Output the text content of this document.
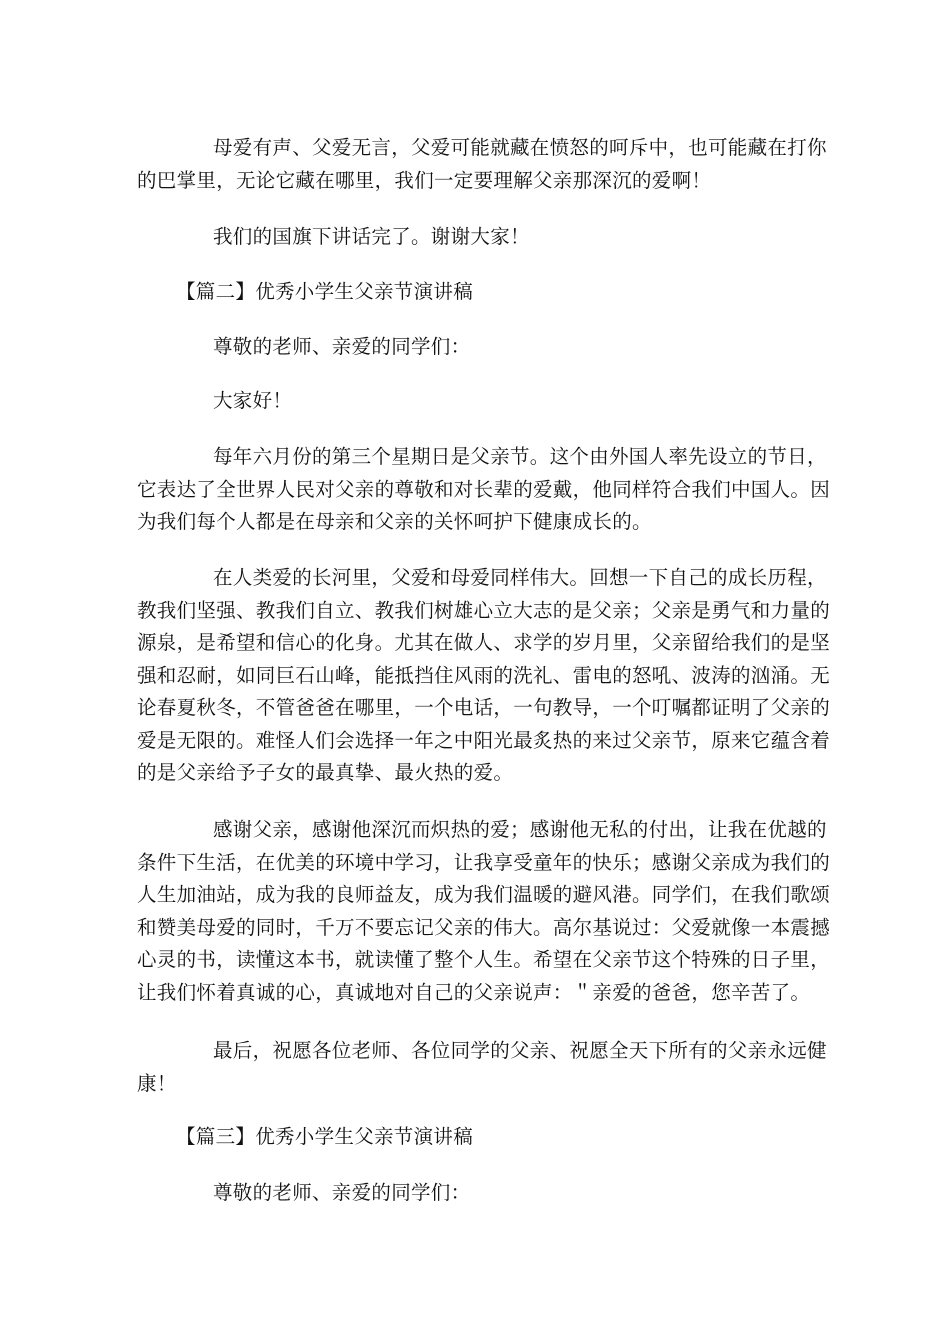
母爱有声、父爱无言，父爱可能就藏在愤怒的呵斥中，也可能藏在打你
的巴掌里，无论它藏在哪里，我们一定要理解父亲那深沉的爱啊！
我们的国旗下讲话完了。谢谢大家！
【篇二】优秀小学生父亲节演讲稿
尊敬的老师、亲爱的同学们：
大家好！
每年六月份的第三个星期日是父亲节。这个由外国人率先设立的节日，
它表达了全世界人民对父亲的尊敬和对长辈的爱戴，他同样符合我们中国人。因
为我们每个人都是在母亲和父亲的关怀呵护下健康成长的。
在人类爱的长河里，父爱和母爱同样伟大。回想一下自己的成长历程，
教我们坚强、教我们自立、教我们树雄心立大志的是父亲；父亲是勇气和力量的
源泉，是希望和信心的化身。尤其在做人、求学的岁月里，父亲留给我们的是坚
强和忍耐，如同巨石山峰，能抵挡住风雨的洗礼、雷电的怒吼、波涛的汹涌。无
论春夏秋冬，不管爸爸在哪里，一个电话，一句教导，一个叮嘱都证明了父亲的
爱是无限的。难怪人们会选择一年之中阳光最炙热的来过父亲节，原来它蕴含着
的是父亲给予子女的最真挚、最火热的爱。
感谢父亲，感谢他深沉而炽热的爱；感谢他无私的付出，让我在优越的
条件下生活，在优美的环境中学习，让我享受童年的快乐；感谢父亲成为我们的
人生加油站，成为我的良师益友，成为我们温暖的避风港。同学们，在我们歌颂
和赞美母爱的同时，千万不要忘记父亲的伟大。高尔基说过：父爱就像一本震撼
心灵的书，读懂这本书，就读懂了整个人生。希望在父亲节这个特殊的日子里，
让我们怀着真诚的心，真诚地对自己的父亲说声：＂亲爱的爸爸，您辛苦了。
最后，祝愿各位老师、各位同学的父亲、祝愿全天下所有的父亲永远健
康！
【篇三】优秀小学生父亲节演讲稿
尊敬的老师、亲爱的同学们：
